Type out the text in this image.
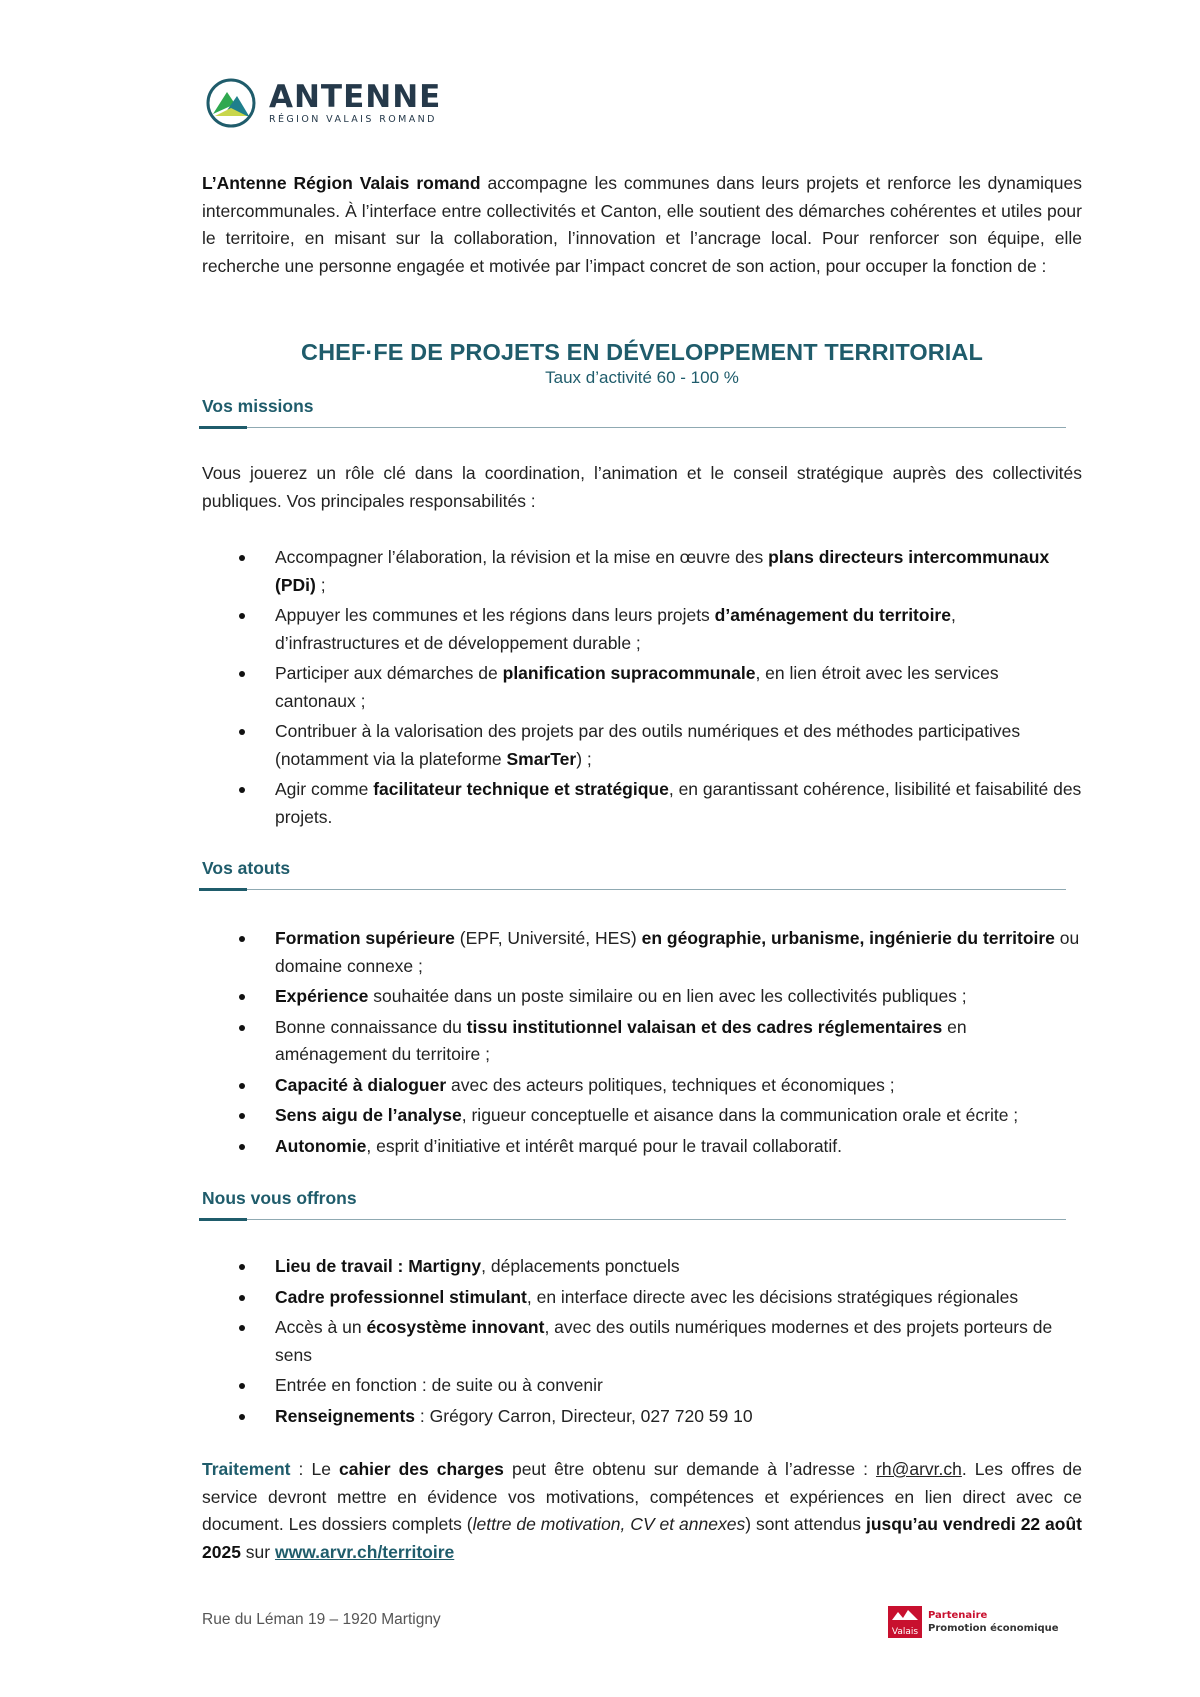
ANTENNE
RÉGION VALAIS ROMAND

L’Antenne Région Valais romand accompagne les communes dans leurs projets et renforce les dynamiques intercommunales. À l’interface entre collectivités et Canton, elle soutient des démarches cohérentes et utiles pour le territoire, en misant sur la collaboration, l’innovation et l’ancrage local. Pour renforcer son équipe, elle recherche une personne engagée et motivée par l’impact concret de son action, pour occuper la fonction de :

CHEF·FE DE PROJETS EN DÉVELOPPEMENT TERRITORIAL
Taux d’activité 60 - 100 %
Vos missions

Vous jouerez un rôle clé dans la coordination, l’animation et le conseil stratégique auprès des collectivités publiques. Vos principales responsabilités :

Accompagner l’élaboration, la révision et la mise en œuvre des plans directeurs intercommunaux (PDi) ;
Appuyer les communes et les régions dans leurs projets d’aménagement du territoire, d’infrastructures et de développement durable ;
Participer aux démarches de planification supracommunale, en lien étroit avec les services cantonaux ;
Contribuer à la valorisation des projets par des outils numériques et des méthodes participatives (notamment via la plateforme SmarTer) ;
Agir comme facilitateur technique et stratégique, en garantissant cohérence, lisibilité et faisabilité des projets.
Vos atouts
Formation supérieure (EPF, Université, HES) en géographie, urbanisme, ingénierie du territoire ou domaine connexe ;
Expérience souhaitée dans un poste similaire ou en lien avec les collectivités publiques ;
Bonne connaissance du tissu institutionnel valaisan et des cadres réglementaires en aménagement du territoire ;
Capacité à dialoguer avec des acteurs politiques, techniques et économiques ;
Sens aigu de l’analyse, rigueur conceptuelle et aisance dans la communication orale et écrite ;
Autonomie, esprit d’initiative et intérêt marqué pour le travail collaboratif.
Nous vous offrons
Lieu de travail : Martigny, déplacements ponctuels
Cadre professionnel stimulant, en interface directe avec les décisions stratégiques régionales
Accès à un écosystème innovant, avec des outils numériques modernes et des projets porteurs de sens
Entrée en fonction : de suite ou à convenir
Renseignements : Grégory Carron, Directeur, 027 720 59 10

Traitement : Le cahier des charges peut être obtenu sur demande à l’adresse : rh@arvr.ch. Les offres de service devront mettre en évidence vos motivations, compétences et expériences en lien direct avec ce document. Les dossiers complets (lettre de motivation, CV et annexes) sont attendus jusqu’au vendredi 22 août 2025 sur www.arvr.ch/territoire

Rue du Léman 19 – 1920 Martigny
Valais
Partenaire
Promotion économique
